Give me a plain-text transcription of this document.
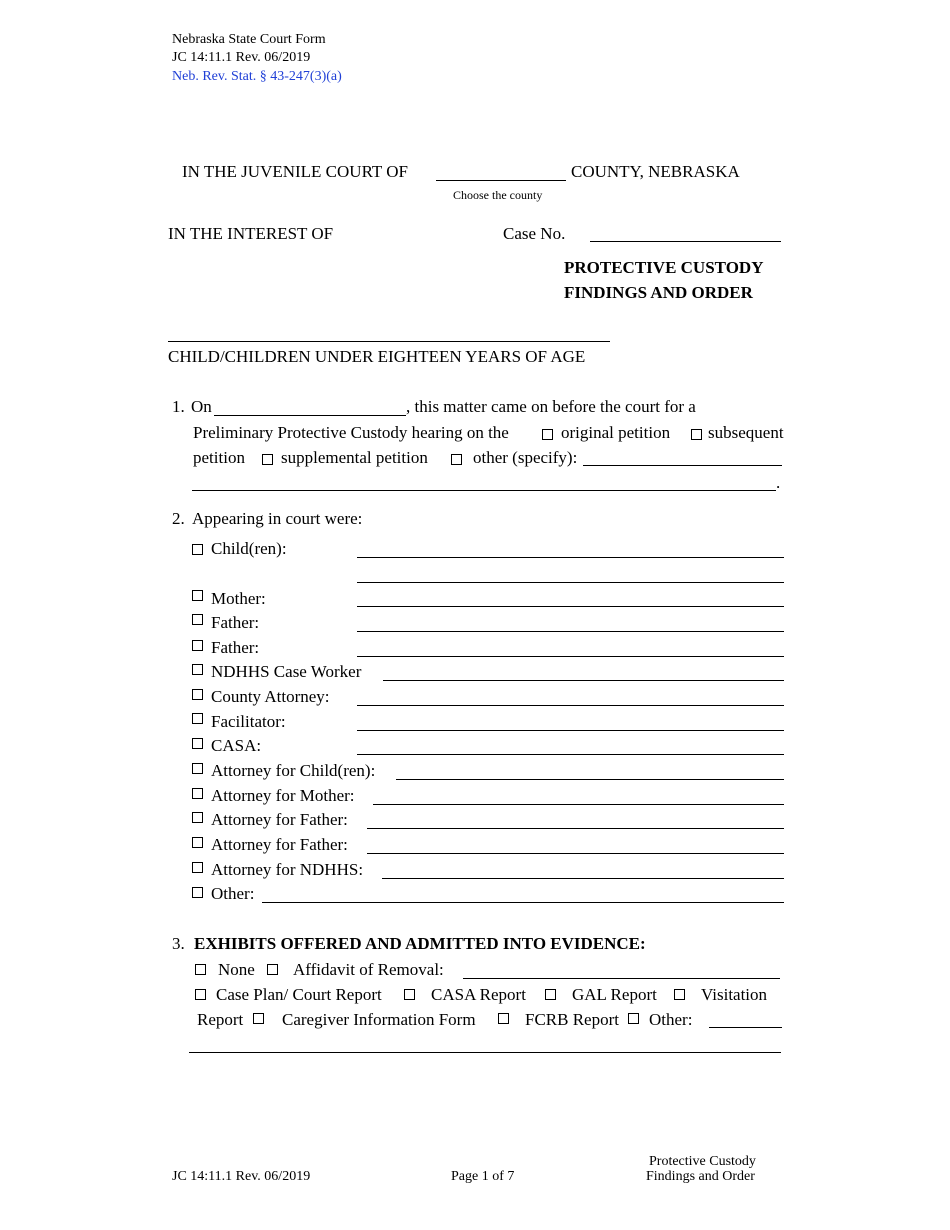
Nebraska State Court Form
JC 14:11.1 Rev. 06/2019
Neb. Rev. Stat. § 43-247(3)(a)
IN THE JUVENILE COURT OF	COUNTY, NEBRASKA
Choose the county
IN THE INTEREST OF	Case No.
PROTECTIVE CUSTODY
FINDINGS AND ORDER
CHILD/CHILDREN UNDER EIGHTEEN YEARS OF AGE
1. On	, this matter came on before the court for a
Preliminary Protective Custody hearing on the	original petition subsequent
petition supplemental petition	other (specify):
.
2. Appearing in court were:
Child(ren):
Mother:
Father:
Father:
NDHHS Case Worker
County Attorney:
Facilitator:
CASA:
Attorney for Child(ren):
Attorney for Mother:
Attorney for Father:
Attorney for Father:
Attorney for NDHHS:
Other:
3. EXHIBITS OFFERED AND ADMITTED INTO EVIDENCE:
None Affidavit of Removal:
Case Plan/ Court Report	CASA Report	GAL Report	Visitation
Report Caregiver Information Form	FCRB Report Other:
JC 14:11.1 Rev. 06/2019	Page 1 of 7
Protective Custody
Findings and Order
